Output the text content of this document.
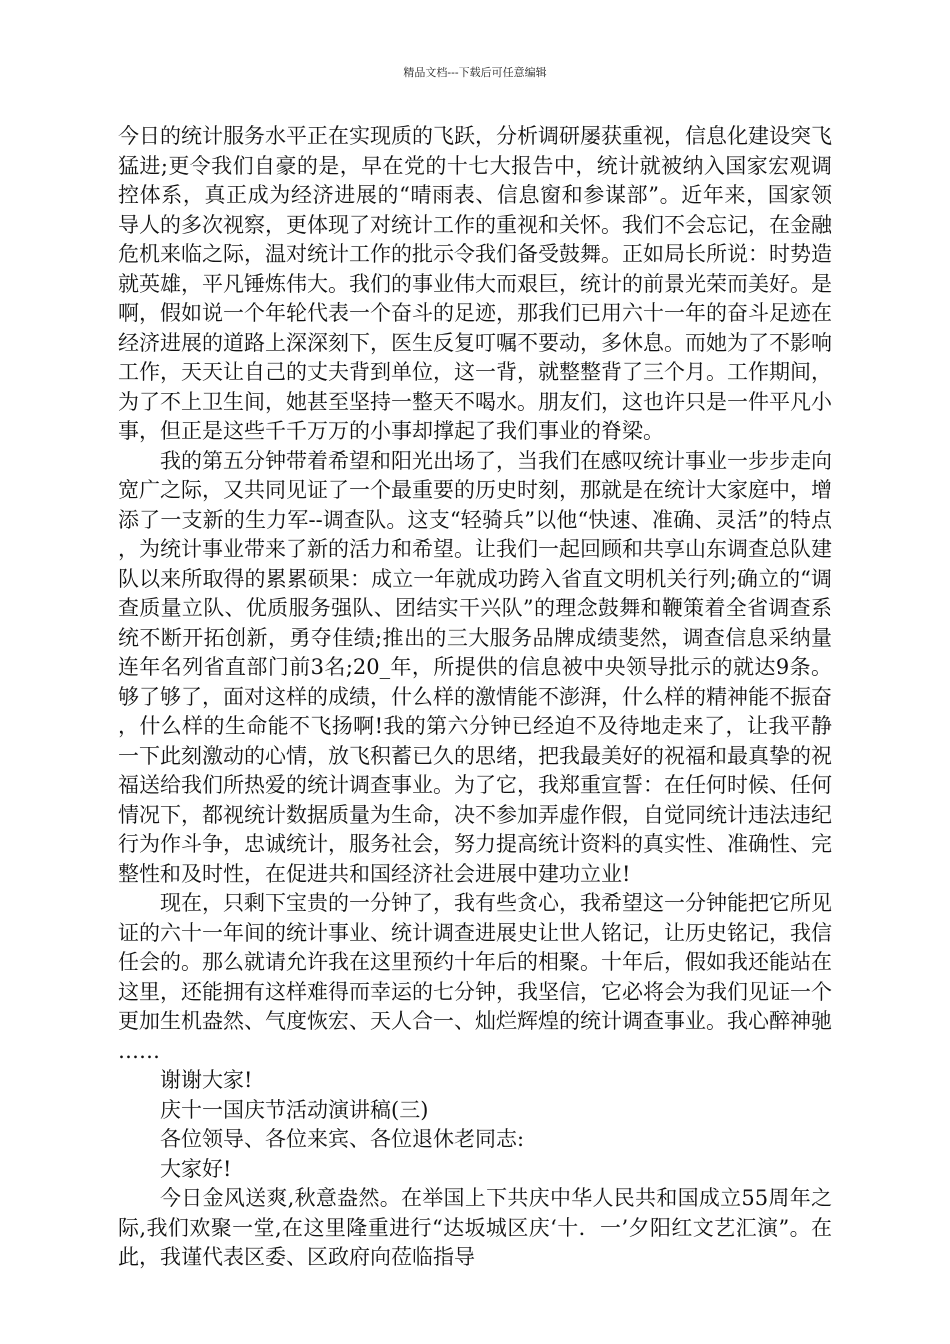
精品文档---下载后可任意编辑

今日的统计服务水平正在实现质的飞跃，分析调研屡获重视，信息化建设突飞猛进;更令我们自豪的是，早在党的十七大报告中，统计就被纳入国家宏观调控体系，真正成为经济进展的“晴雨表、信息窗和参谋部”。近年来，国家领导人的多次视察，更体现了对统计工作的重视和关怀。我们不会忘记，在金融危机来临之际，温对统计工作的批示令我们备受鼓舞。正如局长所说：时势造就英雄，平凡锤炼伟大。我们的事业伟大而艰巨，统计的前景光荣而美好。是啊，假如说一个年轮代表一个奋斗的足迹，那我们已用六十一年的奋斗足迹在经济进展的道路上深深刻下，医生反复叮嘱不要动，多休息。而她为了不影响工作，天天让自己的丈夫背到单位，这一背，就整整背了三个月。工作期间，为了不上卫生间，她甚至坚持一整天不喝水。朋友们，这也许只是一件平凡小事，但正是这些千千万万的小事却撑起了我们事业的脊梁。

我的第五分钟带着希望和阳光出场了，当我们在感叹统计事业一步步走向宽广之际，又共同见证了一个最重要的历史时刻，那就是在统计大家庭中，增添了一支新的生力军--调查队。这支“轻骑兵”以他“快速、准确、灵活”的特点，为统计事业带来了新的活力和希望。让我们一起回顾和共享山东调查总队建队以来所取得的累累硕果：成立一年就成功跨入省直文明机关行列;确立的“调查质量立队、优质服务强队、团结实干兴队”的理念鼓舞和鞭策着全省调查系统不断开拓创新，勇夺佳绩;推出的三大服务品牌成绩斐然，调查信息采纳量连年名列省直部门前3名;20_年，所提供的信息被中央领导批示的就达9条。够了够了，面对这样的成绩，什么样的激情能不澎湃，什么样的精神能不振奋，什么样的生命能不飞扬啊!我的第六分钟已经迫不及待地走来了，让我平静一下此刻激动的心情，放飞积蓄已久的思绪，把我最美好的祝福和最真挚的祝福送给我们所热爱的统计调查事业。为了它，我郑重宣誓：在任何时候、任何情况下，都视统计数据质量为生命，决不参加弄虚作假，自觉同统计违法违纪行为作斗争，忠诚统计，服务社会，努力提高统计资料的真实性、准确性、完整性和及时性，在促进共和国经济社会进展中建功立业!

现在，只剩下宝贵的一分钟了，我有些贪心，我希望这一分钟能把它所见证的六十一年间的统计事业、统计调查进展史让世人铭记，让历史铭记，我信任会的。那么就请允许我在这里预约十年后的相聚。十年后，假如我还能站在这里，还能拥有这样难得而幸运的七分钟，我坚信，它必将会为我们见证一个更加生机盎然、气度恢宏、天人合一、灿烂辉煌的统计调查事业。我心醉神驰……

谢谢大家!

庆十一国庆节活动演讲稿(三)

各位领导、各位来宾、各位退休老同志:

大家好!

今日金风送爽,秋意盎然。在举国上下共庆中华人民共和国成立55周年之际,我们欢聚一堂,在这里隆重进行“达坂城区庆‘十．一’夕阳红文艺汇演”。在此，我谨代表区委、区政府向莅临指导
